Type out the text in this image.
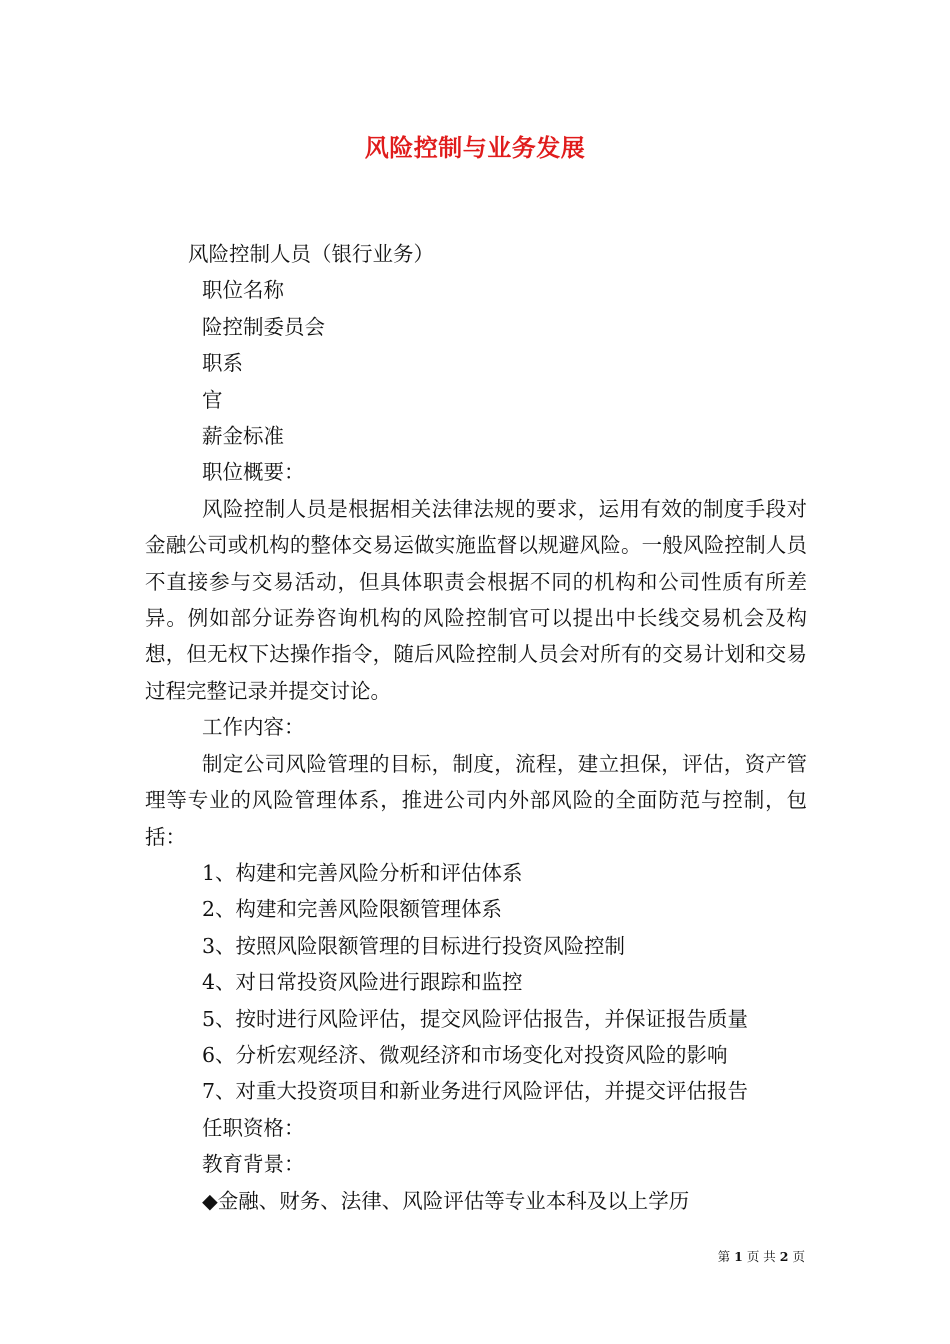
风险控制与业务发展

风险控制人员（银行业务）

职位名称

险控制委员会

职系

官

薪金标准

职位概要：

风险控制人员是根据相关法律法规的要求，运用有效的制度手段对金融公司或机构的整体交易运做实施监督以规避风险。一般风险控制人员不直接参与交易活动，但具体职责会根据不同的机构和公司性质有所差异。例如部分证券咨询机构的风险控制官可以提出中长线交易机会及构想，但无权下达操作指令，随后风险控制人员会对所有的交易计划和交易过程完整记录并提交讨论。

工作内容：

制定公司风险管理的目标，制度，流程，建立担保，评估，资产管理等专业的风险管理体系，推进公司内外部风险的全面防范与控制，包括：

1、构建和完善风险分析和评估体系

2、构建和完善风险限额管理体系

3、按照风险限额管理的目标进行投资风险控制

4、对日常投资风险进行跟踪和监控

5、按时进行风险评估，提交风险评估报告，并保证报告质量

6、分析宏观经济、微观经济和市场变化对投资风险的影响

7、对重大投资项目和新业务进行风险评估，并提交评估报告

任职资格：

教育背景：

◆金融、财务、法律、风险评估等专业本科及以上学历

第 1 页 共 2 页
